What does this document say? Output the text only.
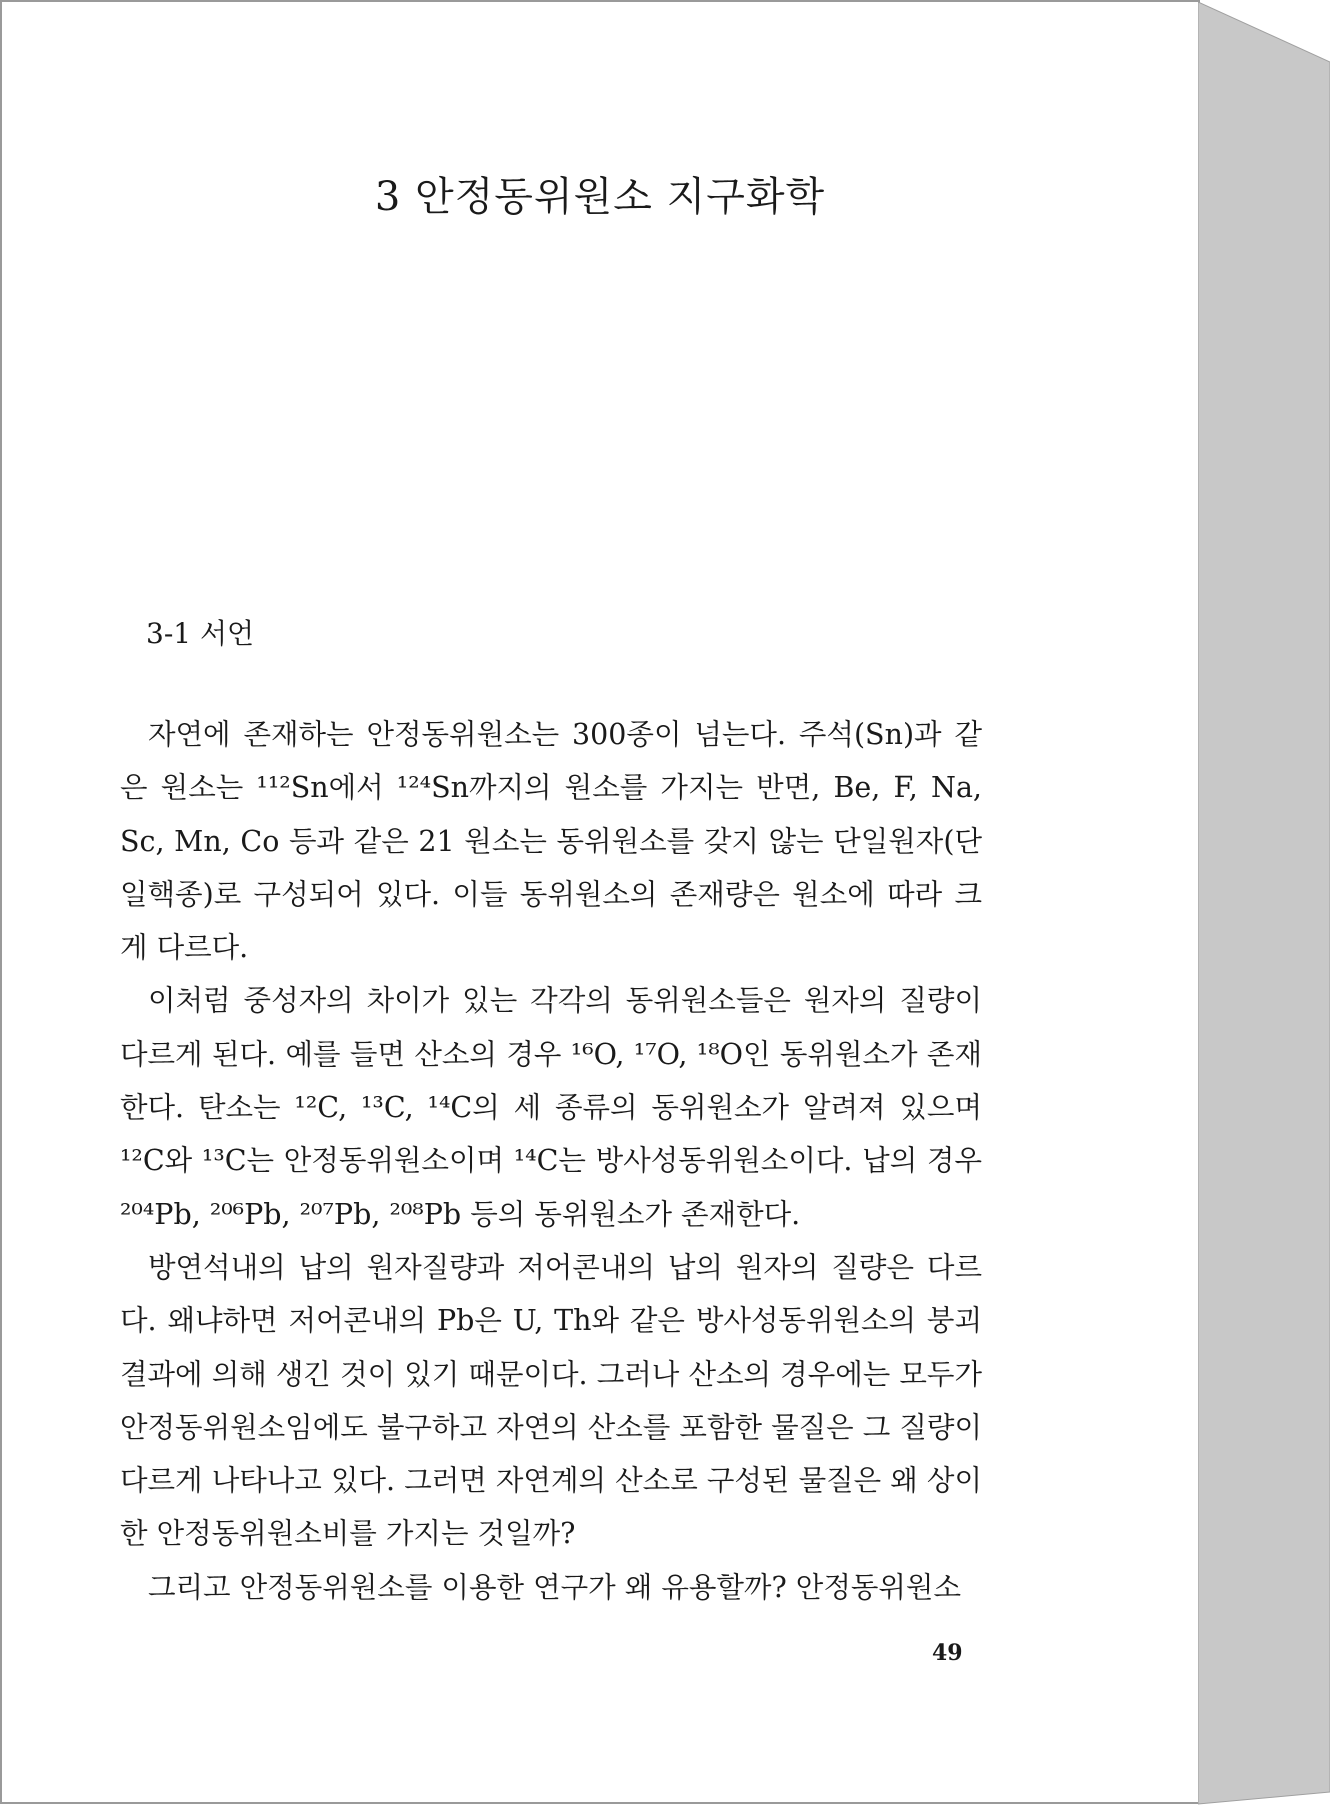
3 안정동위원소 지구화학
3-1 서언

자연에 존재하는 안정동위원소는 300종이 넘는다. 주석(Sn)과 같은 원소는 ¹¹²Sn에서 ¹²⁴Sn까지의 원소를 가지는 반면, Be, F, Na, Sc, Mn, Co 등과 같은 21 원소는 동위원소를 갖지 않는 단일원자(단일핵종)로 구성되어 있다. 이들 동위원소의 존재량은 원소에 따라 크게 다르다.

이처럼 중성자의 차이가 있는 각각의 동위원소들은 원자의 질량이 다르게 된다. 예를 들면 산소의 경우 ¹⁶O, ¹⁷O, ¹⁸O인 동위원소가 존재한다. 탄소는 ¹²C, ¹³C, ¹⁴C의 세 종류의 동위원소가 알려져 있으며 ¹²C와 ¹³C는 안정동위원소이며 ¹⁴C는 방사성동위원소이다. 납의 경우 ²⁰⁴Pb, ²⁰⁶Pb, ²⁰⁷Pb, ²⁰⁸Pb 등의 동위원소가 존재한다.

방연석내의 납의 원자질량과 저어콘내의 납의 원자의 질량은 다르다. 왜냐하면 저어콘내의 Pb은 U, Th와 같은 방사성동위원소의 붕괴결과에 의해 생긴 것이 있기 때문이다. 그러나 산소의 경우에는 모두가 안정동위원소임에도 불구하고 자연의 산소를 포함한 물질은 그 질량이 다르게 나타나고 있다. 그러면 자연계의 산소로 구성된 물질은 왜 상이한 안정동위원소비를 가지는 것일까?

그리고 안정동위원소를 이용한 연구가 왜 유용할까? 안정동위원소

49
